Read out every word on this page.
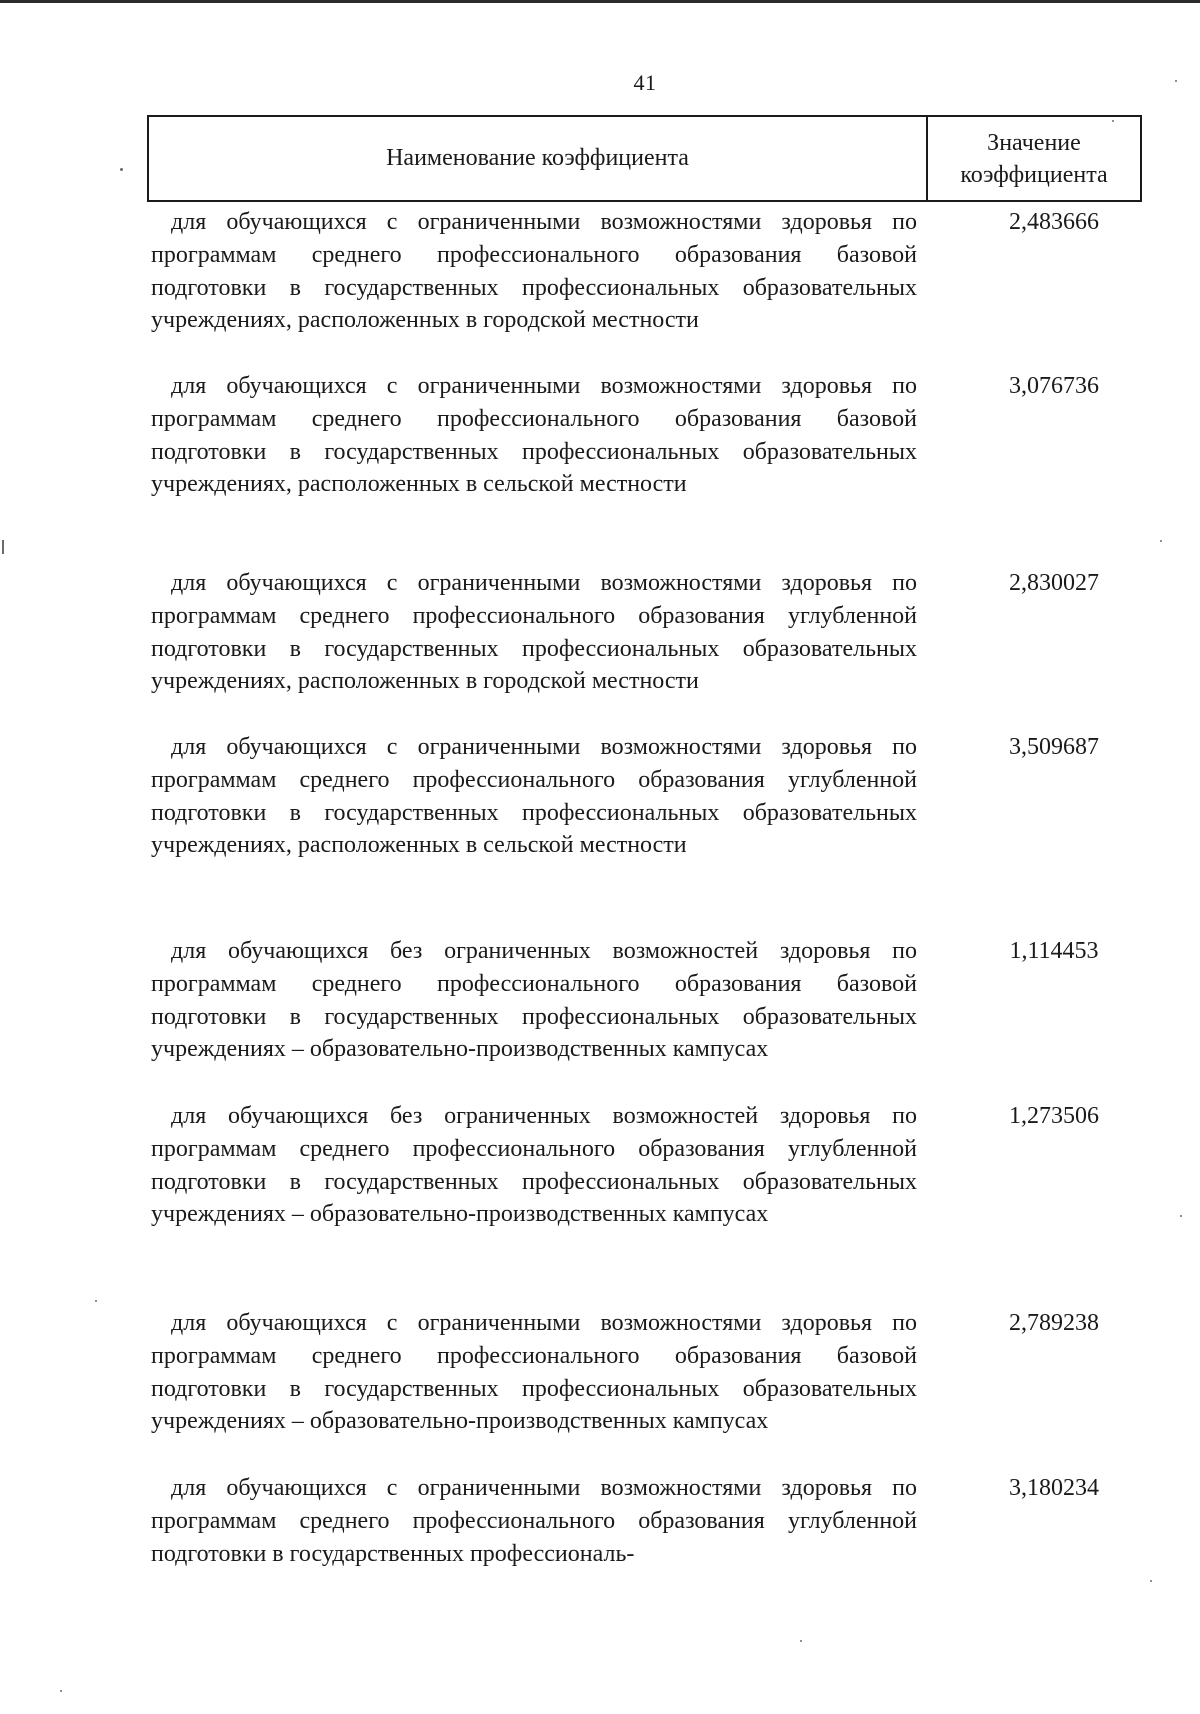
41
Наименование коэффициента
Значение
коэффициента
для обучающихся с ограниченными возможностями здоровья по программам среднего профессионального образования базовой подготовки в государственных профессиональных образовательных учреждениях, расположенных в городской местности
2,483666
для обучающихся с ограниченными возможностями здоровья по программам среднего профессионального образования базовой подготовки в государственных профессиональных образовательных учреждениях, расположенных в сельской местности
3,076736
для обучающихся с ограниченными возможностями здоровья по программам среднего профессионального образования углубленной подготовки в государственных профессиональных образовательных учреждениях, расположенных в городской местности
2,830027
для обучающихся с ограниченными возможностями здоровья по программам среднего профессионального образования углубленной подготовки в государственных профессиональных образовательных учреждениях, расположенных в сельской местности
3,509687
для обучающихся без ограниченных возможностей здоровья по программам среднего профессионального образования базовой подготовки в государственных профессиональных образовательных учреждениях – образовательно-производственных кампусах
1,114453
для обучающихся без ограниченных возможностей здоровья по программам среднего профессионального образования углубленной подготовки в государственных профессиональных образовательных учреждениях – образовательно-производственных кампусах
1,273506
для обучающихся с ограниченными возможностями здоровья по программам среднего профессионального образования базовой подготовки в государственных профессиональных образовательных учреждениях – образовательно-производственных кампусах
2,789238
для обучающихся с ограниченными возможностями здоровья по программам среднего профессионального образования углубленной подготовки в государственных профессиональ-
3,180234
